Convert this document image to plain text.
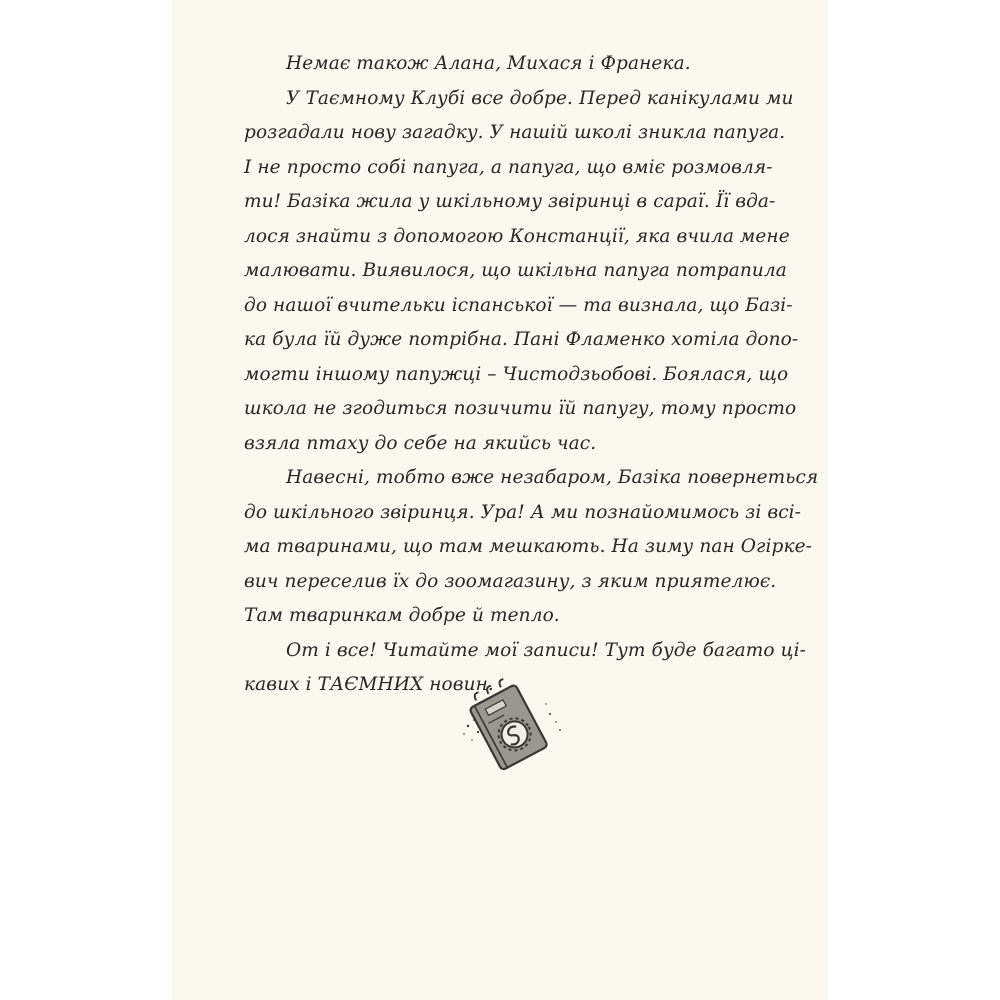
Немає також Алана, Михася і Франека.
У Таємному Клубі все добре. Перед канікулами ми
розгадали нову загадку. У нашій школі зникла папуга.
І не просто собі папуга, а папуга, що вміє розмовля-
ти! Базіка жила у шкільному звіринці в сараї. Її вда-
лося знайти з допомогою Констанції, яка вчила мене
малювати. Виявилося, що шкільна папуга потрапила
до нашої вчительки іспанської — та визнала, що Базі-
ка була їй дуже потрібна. Пані Фламенко хотіла допо-
могти іншому папужці – Чистодзьобові. Боялася, що
школа не згодиться позичити їй папугу, тому просто
взяла птаху до себе на якийсь час.
Навесні, тобто вже незабаром, Базіка повернеться
до шкільного звіринця. Ура! А ми познайомимось зі всі-
ма тваринами, що там мешкають. На зиму пан Огірке-
вич переселив їх до зоомагазину, з яким приятелює.
Там тваринкам добре й тепло.
От і все! Читайте мої записи! Тут буде багато ці-
кавих і ТАЄМНИХ новин.
